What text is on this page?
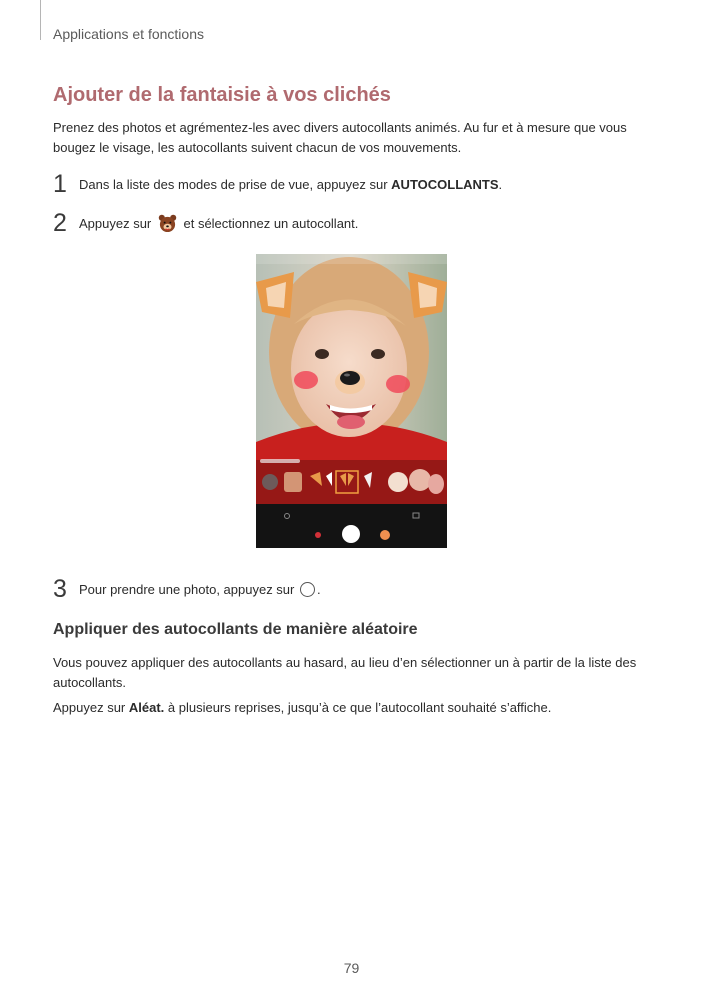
Applications et fonctions
Ajouter de la fantaisie à vos clichés

Prenez des photos et agrémentez-les avec divers autocollants animés. Au fur et à mesure que vous bougez le visage, les autocollants suivent chacun de vos mouvements.

1 Dans la liste des modes de prise de vue, appuyez sur AUTOCOLLANTS .
2 Appuyez sur et sélectionnez un autocollant.
3 Pour prendre une photo, appuyez sur .
Appliquer des autocollants de manière aléatoire

Vous pouvez appliquer des autocollants au hasard, au lieu d’en sélectionner un à partir de la liste des autocollants.

Appuyez sur Aléat. à plusieurs reprises, jusqu’à ce que l’autocollant souhaité s’affiche.

79
